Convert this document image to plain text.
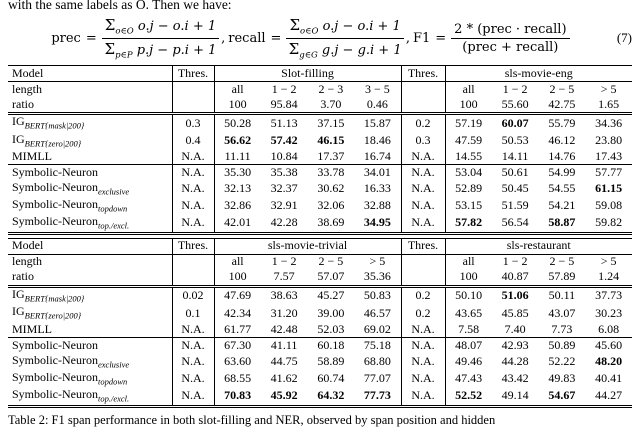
with the same labels as O. Then we have:

prec = $\frac{\Sigma_{o\in O} o.j - o.i + 1}{\Sigma_{p\in P} p.j - p.i + 1}$ , recall = $\frac{\Sigma_{o\in O} o.j - o.i + 1}{\Sigma_{g\in G} g.j - g.i + 1}$ , $F1 = \frac{\text{2 * (prec · recall)}}{\text{(prec + recall)}}$	(7)
Model	Thres.	Slot-filling				Thres.	sls-movie-eng			
length		all	1 − 2	2 − 3	3 − 5		all	1 − 2	2 − 5	> 5
ratio		100	95.84	3.70	0.46		100	55.60	42.75	1.65
$IG_{BERT\{mask|200\}}$	0.3	50.28	51.13	37.15	15.87	0.2	57.19	60.07	55.79	34.36
$IG_{BERT\{zero|200\}}$	0.4	56.62	57.42	46.15	18.46	0.3	47.59	50.53	46.12	23.80
MIMLL	N.A.	11.11	10.84	17.37	16.74	N.A.	14.55	14.11	14.76	17.43
Symbolic-Neuron	N.A.	35.30	35.38	33.78	34.01	N.A.	53.04	50.61	54.99	57.77
Symbolic-Neuron$_{exclusive}$	N.A.	32.13	32.37	30.62	16.33	N.A.	52.89	50.45	54.55	61.15
Symbolic-Neuron$_{topdown}$	N.A.	32.86	32.91	32.06	32.88	N.A.	53.15	51.59	54.21	59.08
Symbolic-Neuron$_{top./excl.}$	N.A.	42.01	42.28	38.69	34.95	N.A.	57.82	56.54	58.87	59.82
Model	Thres.	sls-movie-trivial				Thres.	sls-restaurant			
length		all	1 − 2	2 − 5	> 5		all	1 − 2	2 − 5	> 5
ratio		100	7.57	57.07	35.36		100	40.87	57.89	1.24
$IG_{BERT\{mask|200\}}$	0.02	47.69	38.63	45.27	50.83	0.2	50.10	51.06	50.11	37.73
$IG_{BERT\{zero|200\}}$	0.1	42.34	31.20	39.00	46.57	0.2	43.65	45.85	43.07	30.23
MIMLL	N.A.	61.77	42.48	52.03	69.02	N.A.	7.58	7.40	7.73	6.08
Symbolic-Neuron	N.A.	67.30	41.11	60.18	75.18	N.A.	48.07	42.93	50.89	45.60
Symbolic-Neuron$_{exclusive}$	N.A.	63.60	44.75	58.89	68.80	N.A.	49.46	44.28	52.22	48.20
Symbolic-Neuron$_{topdown}$	N.A.	68.55	41.62	60.74	77.07	N.A.	47.43	43.42	49.83	40.41
Symbolic-Neuron$_{top./excl.}$	N.A.	70.83	45.92	64.32	77.73	N.A.	52.52	49.14	54.67	44.27

Table 2: F1 span performance in both slot-filling and NER, observed by span position and hidden
